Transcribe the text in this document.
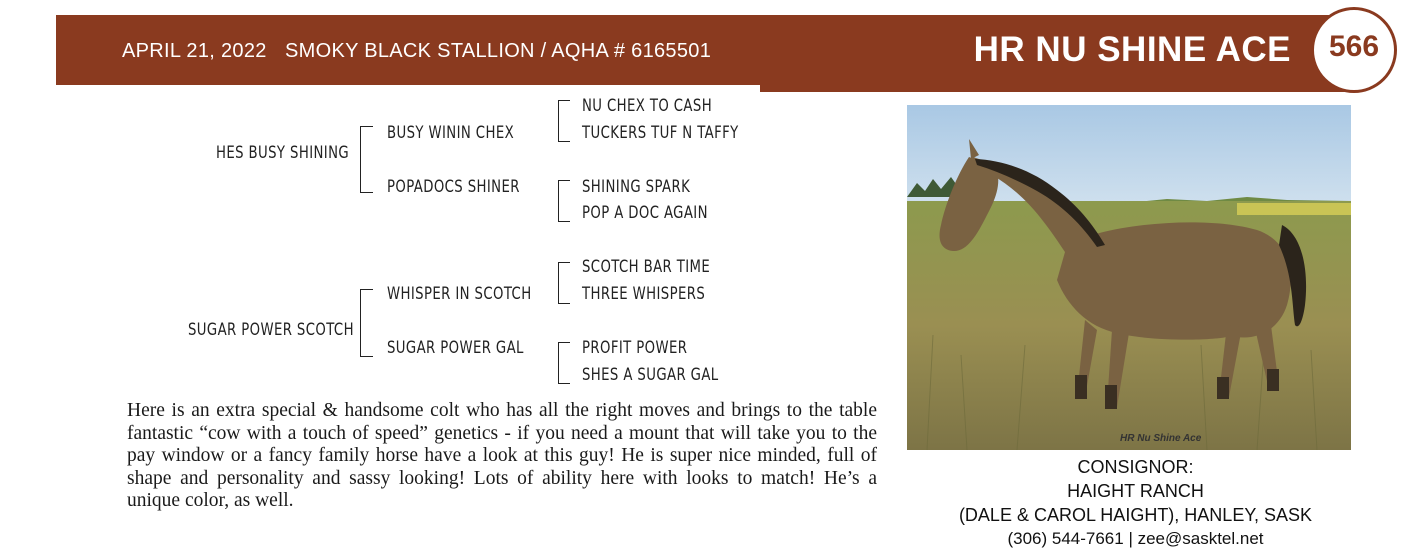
APRIL 21, 2022 SMOKY BLACK STALLION / AQHA # 6165501	HR NU SHINE ACE	566
HES BUSY SHINING
SUGAR POWER SCOTCH
BUSY WININ CHEX
POPADOCS SHINER
WHISPER IN SCOTCH
SUGAR POWER GAL
NU CHEX TO CASH
TUCKERS TUF N TAFFY
SHINING SPARK
POP A DOC AGAIN
SCOTCH BAR TIME
THREE WHISPERS
PROFIT POWER
SHES A SUGAR GAL
Here is an extra special & handsome colt who has all the right moves and brings to the table fantastic “cow with a touch of speed” genetics - if you need a mount that will take you to the pay window or a fancy family horse have a look at this guy! He is super nice minded, full of shape and personality and sassy looking! Lots of ability here with looks to match! He’s a unique color, as well.
HR Nu Shine Ace
CONSIGNOR:
HAIGHT RANCH
(DALE & CAROL HAIGHT), HANLEY, SASK
(306) 544-7661 | zee@sasktel.net
